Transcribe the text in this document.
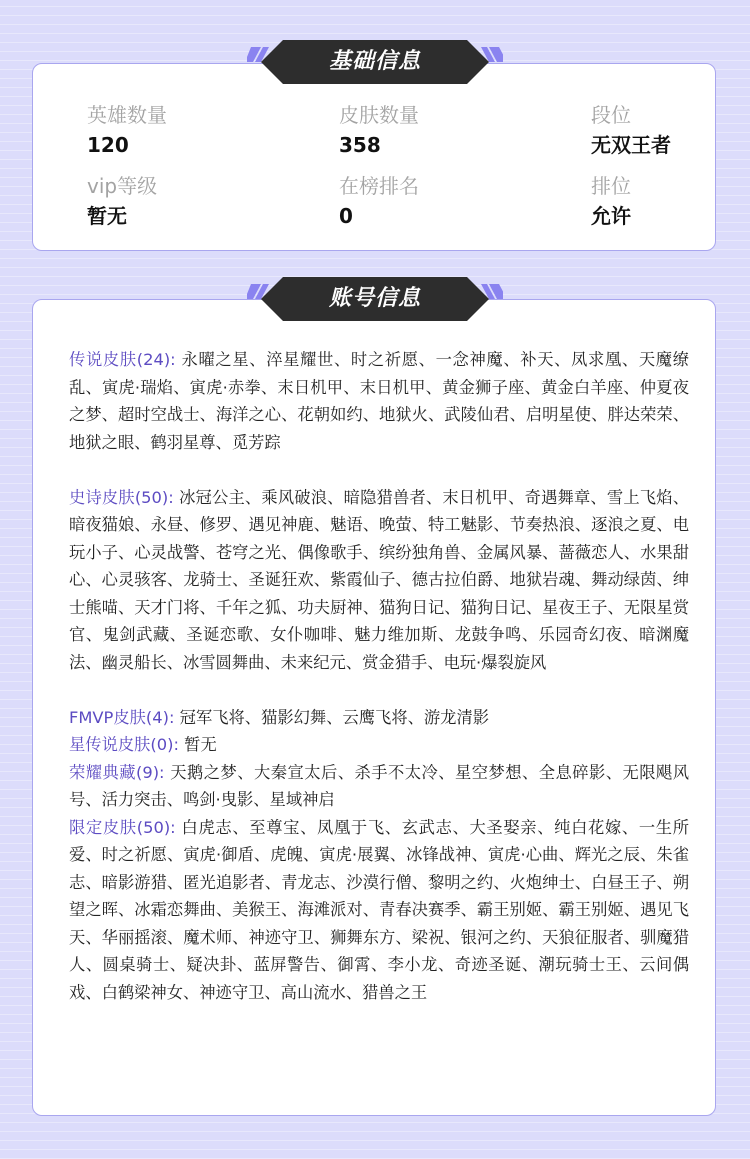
英雄数量
120
皮肤数量
358
段位
无双王者
vip等级
暂无
在榜排名
0
排位
允许
基础信息

传说皮肤(24): 永曜之星、淬星耀世、时之祈愿、一念神魔、补天、凤求凰、天魔缭乱、寅虎·瑞焰、寅虎·赤拳、末日机甲、末日机甲、黄金狮子座、黄金白羊座、仲夏夜之梦、超时空战士、海洋之心、花朝如约、地狱火、武陵仙君、启明星使、胖达荣荣、地狱之眼、鹤羽星尊、觅芳踪

史诗皮肤(50): 冰冠公主、乘风破浪、暗隐猎兽者、末日机甲、奇遇舞章、雪上飞焰、暗夜猫娘、永昼、修罗、遇见神鹿、魅语、晚萤、特工魅影、节奏热浪、逐浪之夏、电玩小子、心灵战警、苍穹之光、偶像歌手、缤纷独角兽、金属风暴、蔷薇恋人、水果甜心、心灵骇客、龙骑士、圣诞狂欢、紫霞仙子、德古拉伯爵、地狱岩魂、舞动绿茵、绅士熊喵、天才门将、千年之狐、功夫厨神、猫狗日记、猫狗日记、星夜王子、无限星赏官、鬼剑武藏、圣诞恋歌、女仆咖啡、魅力维加斯、龙鼓争鸣、乐园奇幻夜、暗渊魔法、幽灵船长、冰雪圆舞曲、未来纪元、赏金猎手、电玩·爆裂旋风

FMVP皮肤(4): 冠军飞将、猫影幻舞、云鹰飞将、游龙清影

星传说皮肤(0): 暂无

荣耀典藏(9): 天鹅之梦、大秦宣太后、杀手不太冷、星空梦想、全息碎影、无限飓风号、活力突击、鸣剑·曳影、星域神启

限定皮肤(50): 白虎志、至尊宝、凤凰于飞、玄武志、大圣娶亲、纯白花嫁、一生所爱、时之祈愿、寅虎·御盾、虎魄、寅虎·展翼、冰锋战神、寅虎·心曲、辉光之辰、朱雀志、暗影游猎、匿光追影者、青龙志、沙漠行僧、黎明之约、火炮绅士、白昼王子、朔望之晖、冰霜恋舞曲、美猴王、海滩派对、青春决赛季、霸王别姬、霸王别姬、遇见飞天、华丽摇滚、魔术师、神迹守卫、狮舞东方、梁祝、银河之约、天狼征服者、驯魔猎人、圆桌骑士、疑决卦、蓝屏警告、御霄、李小龙、奇迹圣诞、潮玩骑士王、云间偶戏、白鹤梁神女、神迹守卫、高山流水、猎兽之王

账号信息
